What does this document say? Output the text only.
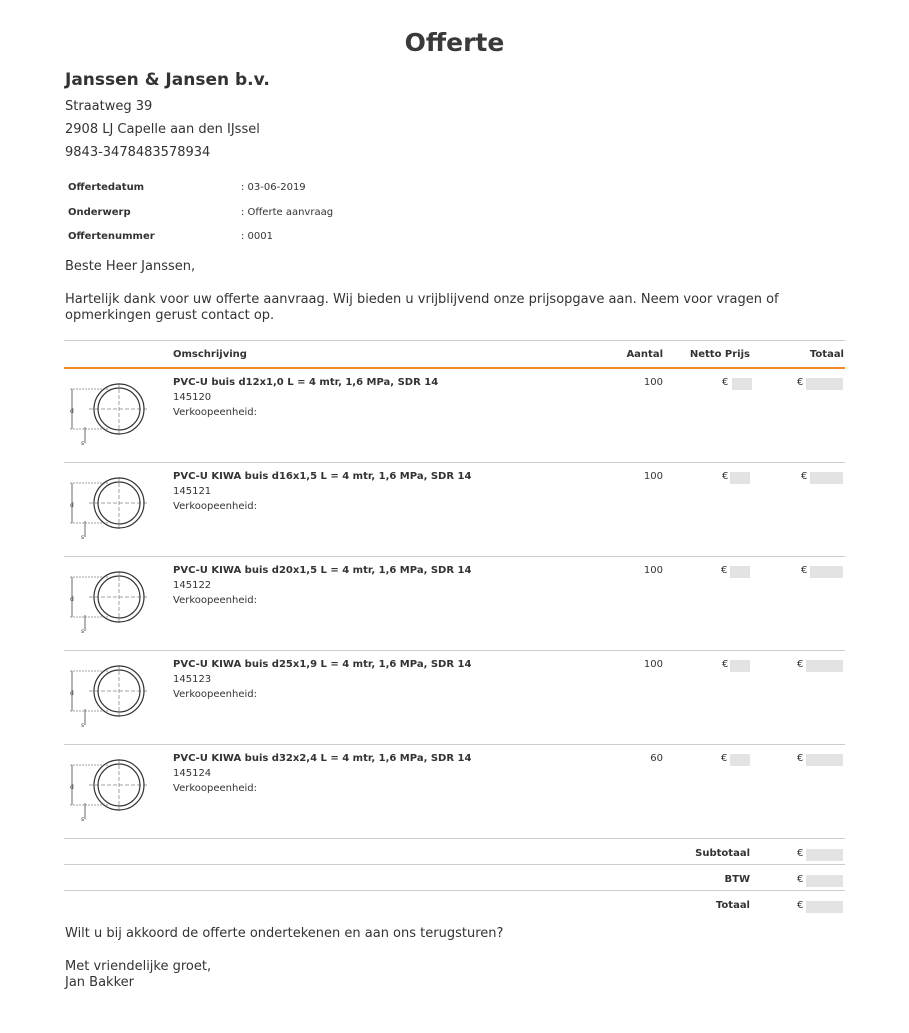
Offerte
Janssen & Jansen b.v.
Straatweg 39
2908 LJ Capelle aan den IJssel
9843-3478483578934
Offertedatum	: 03-06-2019
Onderwerp	: Offerte aanvraag
Offertenummer	: 0001
Beste Heer Janssen,
Hartelijk dank voor uw offerte aanvraag. Wij bieden u vrijblijvend onze prijsopgave aan. Neem voor vragen of opmerkingen gerust contact op.
Omschrijving	Aantal	Netto Prijs	Totaal
d
s
PVC-U buis d12x1,0 L = 4 mtr, 1,6 MPa, SDR 14
145120
Verkoopeenheid:
100	€	€
d
s
PVC-U KIWA buis d16x1,5 L = 4 mtr, 1,6 MPa, SDR 14
145121
Verkoopeenheid:
100	€	€
d
s
PVC-U KIWA buis d20x1,5 L = 4 mtr, 1,6 MPa, SDR 14
145122
Verkoopeenheid:
100	€	€
d
s
PVC-U KIWA buis d25x1,9 L = 4 mtr, 1,6 MPa, SDR 14
145123
Verkoopeenheid:
100	€	€
d
s
PVC-U KIWA buis d32x2,4 L = 4 mtr, 1,6 MPa, SDR 14
145124
Verkoopeenheid:
60	€	€
Subtotaal	€
BTW	€
Totaal	€
Wilt u bij akkoord de offerte ondertekenen en aan ons terugsturen?
Met vriendelijke groet,
Jan Bakker
